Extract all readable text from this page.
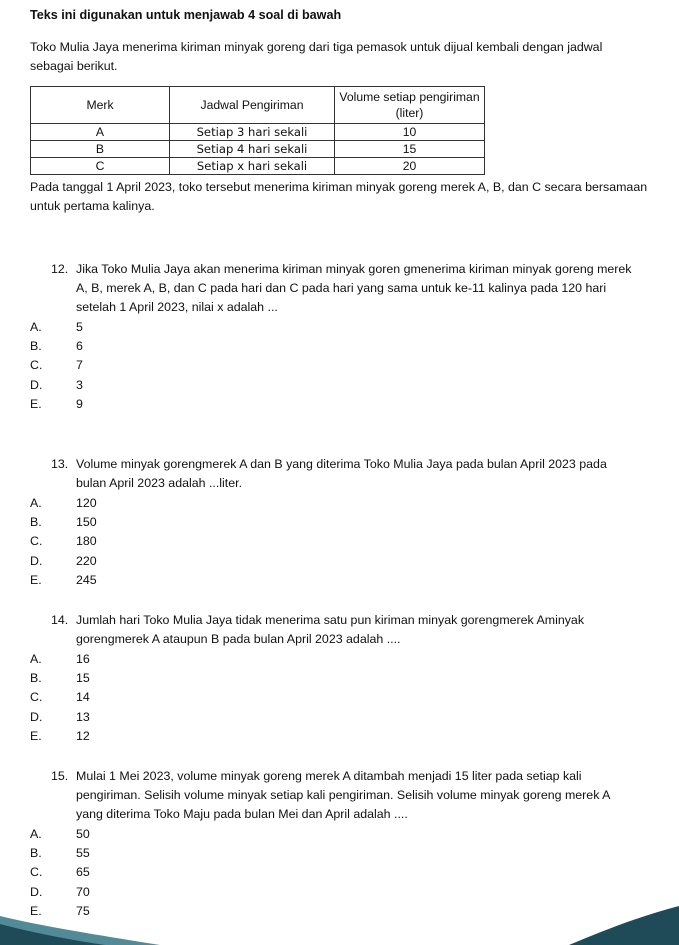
Teks ini digunakan untuk menjawab 4 soal di bawah
Toko Mulia Jaya menerima kiriman minyak goreng dari tiga pemasok untuk dijual kembali dengan jadwal sebagai berikut.
Merk	Jadwal Pengiriman	Volume setiap pengiriman (liter)
A	Setiap 3 hari sekali	10
B	Setiap 4 hari sekali	15
C	Setiap x hari sekali	20
Pada tanggal 1 April 2023, toko tersebut menerima kiriman minyak goreng merek A, B, dan C secara bersamaan untuk pertama kalinya.
12. Jika Toko Mulia Jaya akan menerima kiriman minyak goren gmenerima kiriman minyak goreng merek A, B, merek A, B, dan C pada hari dan C pada hari yang sama untuk ke-11 kalinya pada 120 hari setelah 1 April 2023, nilai x adalah ...
A.	5
B.	6
C.	7
D.	3
E.	9
13. Volume minyak gorengmerek A dan B yang diterima Toko Mulia Jaya pada bulan April 2023 pada bulan April 2023 adalah ...liter.
A.	120
B.	150
C.	180
D.	220
E.	245
14. Jumlah hari Toko Mulia Jaya tidak menerima satu pun kiriman minyak gorengmerek Aminyak gorengmerek A ataupun B pada bulan April 2023 adalah ....
A.	16
B.	15
C.	14
D.	13
E.	12
15. Mulai 1 Mei 2023, volume minyak goreng merek A ditambah menjadi 15 liter pada setiap kali pengiriman. Selisih volume minyak setiap kali pengiriman. Selisih volume minyak goreng merek A yang diterima Toko Maju pada bulan Mei dan April adalah ....
A.	50
B.	55
C.	65
D.	70
E.	75
